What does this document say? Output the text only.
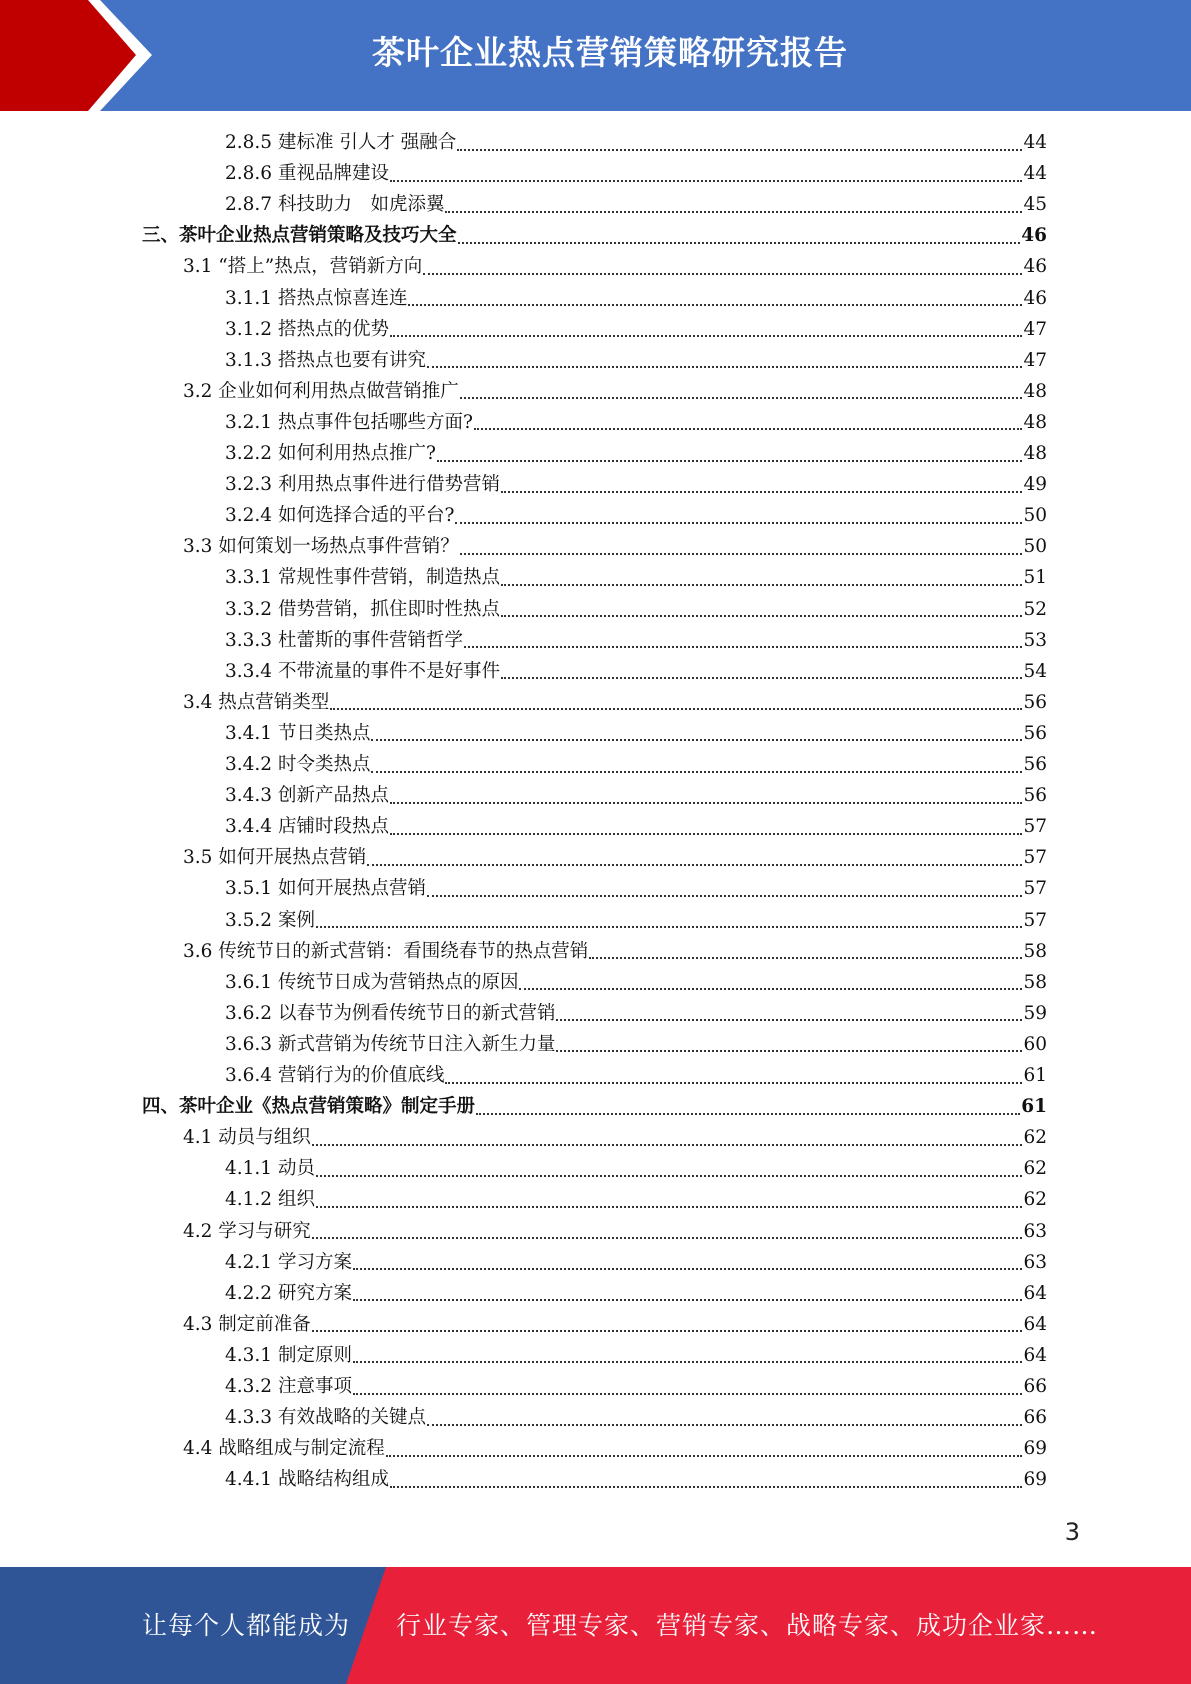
茶叶企业热点营销策略研究报告
2.8.5 建标准 引人才 强融合	44
2.8.6 重视品牌建设	44
2.8.7 科技助力　如虎添翼	45
三、茶叶企业热点营销策略及技巧大全	46
3.1 “搭上”热点，营销新方向	46
3.1.1 搭热点惊喜连连	46
3.1.2 搭热点的优势	47
3.1.3 搭热点也要有讲究	47
3.2 企业如何利用热点做营销推广	48
3.2.1 热点事件包括哪些方面?	48
3.2.2 如何利用热点推广?	48
3.2.3 利用热点事件进行借势营销	49
3.2.4 如何选择合适的平台?	50
3.3 如何策划一场热点事件营销？	50
3.3.1 常规性事件营销，制造热点	51
3.3.2 借势营销，抓住即时性热点	52
3.3.3 杜蕾斯的事件营销哲学	53
3.3.4 不带流量的事件不是好事件	54
3.4 热点营销类型	56
3.4.1 节日类热点	56
3.4.2 时令类热点	56
3.4.3 创新产品热点	56
3.4.4 店铺时段热点	57
3.5 如何开展热点营销	57
3.5.1 如何开展热点营销	57
3.5.2 案例	57
3.6 传统节日的新式营销：看围绕春节的热点营销	58
3.6.1 传统节日成为营销热点的原因	58
3.6.2 以春节为例看传统节日的新式营销	59
3.6.3 新式营销为传统节日注入新生力量	60
3.6.4 营销行为的价值底线	61
四、茶叶企业《热点营销策略》制定手册	61
4.1 动员与组织	62
4.1.1 动员	62
4.1.2 组织	62
4.2 学习与研究	63
4.2.1 学习方案	63
4.2.2 研究方案	64
4.3 制定前准备	64
4.3.1 制定原则	64
4.3.2 注意事项	66
4.3.3 有效战略的关键点	66
4.4 战略组成与制定流程	69
4.4.1 战略结构组成	69
3
让每个人都能成为 行业专家、管理专家、营销专家、战略专家、成功企业家……
